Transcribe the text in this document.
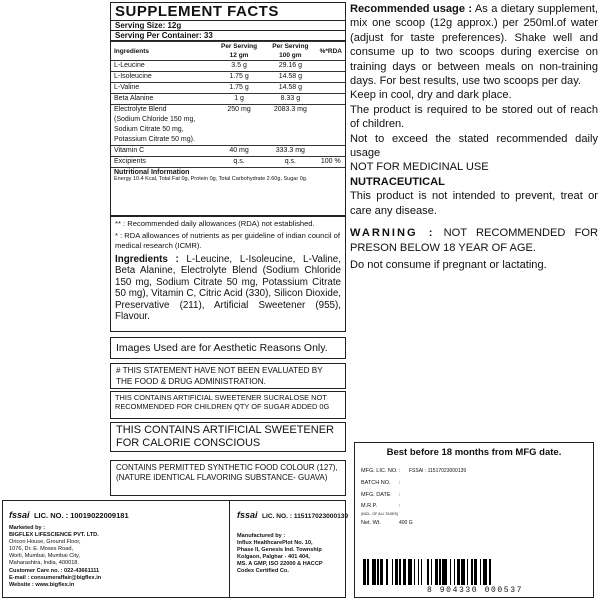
SUPPLEMENT FACTS
Serving Size: 12g
Serving Per Container: 33
Ingredients	Per Serving 12 gm	Per Serving 100 gm	%*RDA
L-Leucine	3.5 g	29.16 g	
L-Isoleucine	1.75 g	14.58 g	
L-Valine	1.75 g	14.58 g	
Beta Alanine	1 g	8.33 g	
Electrolyte Blend	250 mg	2083.3 mg	
(Sodium Chloride 150 mg,			
Sodium Citrate 50 mg,			
Potassium Citrate 50 mg).			
Vitamin C	40 mg	333.3 mg	
Excipients	q.s.	q.s.	100 %
Nutritional Information
Energy 10.4 Kcal, Total Fat 0g, Protein 0g, Total Carbohydrate 2.60g, Sugar 0g.
** : Recommended daily allowances (RDA) not established.
* : RDA allowances of nutrients as per guideline of indian council of medical research (ICMR).
Ingredients : L-Leucine, L-Isoleucine, L-Valine, Beta Alanine, Electrolyte Blend (Sodium Chloride 150 mg, Sodium Citrate 50 mg, Potassium Citrate 50 mg), Vitamin C, Citric Acid (330), Silicon Dioxide, Preservative (211), Artificial Sweetener (955), Flavour.
Images Used are for Aesthetic Reasons Only.
# THIS STATEMENT HAVE NOT BEEN EVALUATED BY THE FOOD & DRUG ADMINISTRATION.
THIS CONTAINS ARTIFICIAL SWEETENER SUCRALOSE NOT RECOMMENDED FOR CHILDREN QTY OF SUGAR ADDED 0G
THIS CONTAINS ARTIFICIAL SWEETENER FOR CALORIE CONSCIOUS
CONTAINS PERMITTED SYNTHETIC FOOD COLOUR (127), (NATURE IDENTICAL FLAVORING SUBSTANCE- GUAVA)
Recommended usage : As a dietary supplement, mix one scoop (12g approx.) per 250ml.of water (adjust for taste preferences). Shake well and consume up to two scoops during exercise on training days or between meals on non-training days. For best results, use two scoops per day.
Keep in cool, dry and dark place.
The product is required to be stored out of reach of children.
Not to exceed the stated recommended daily usage
NOT FOR MEDICINAL USE
NUTRACEUTICAL
This product is not intended to prevent, treat or care any disease.
WARNING : NOT RECOMMENDED FOR PRESON BELOW 18 YEAR OF AGE.
Do not consume if pregnant or lactating.
Best before 18 months from MFG date.
MFG. LIC. NO. :	FSSAI : 11517023000139
BATCH NO.	:
MFG. DATE	:
M.R.P.	:
(INCL. OF ALL TAXES)
Net. Wt.	400 G
8 904330 000537
fssai LIC. NO. : 10019022009181
Marketed by :
BIGFLEX LIFESCIENCE PVT. LTD.
Oricon House, Ground Floor,
1076, Dr. E. Moses Road,
Worli, Mumbai, Mumbai City,
Maharashtra, India, 400018.
Customer Care no. : 022-43661111
E-mail : consumeraffair@bigflex.in
Website : www.bigflex.in
fssai LIC. NO. : 115117023000139
Manufactured by :
Influx HealthcarePlot No. 10,
Phase II, Genesis Ind. Township
Kolgaon, Palghar - 401 404,
MS. A GMP, ISO 22000 & HACCP
Codex Certified Co.
